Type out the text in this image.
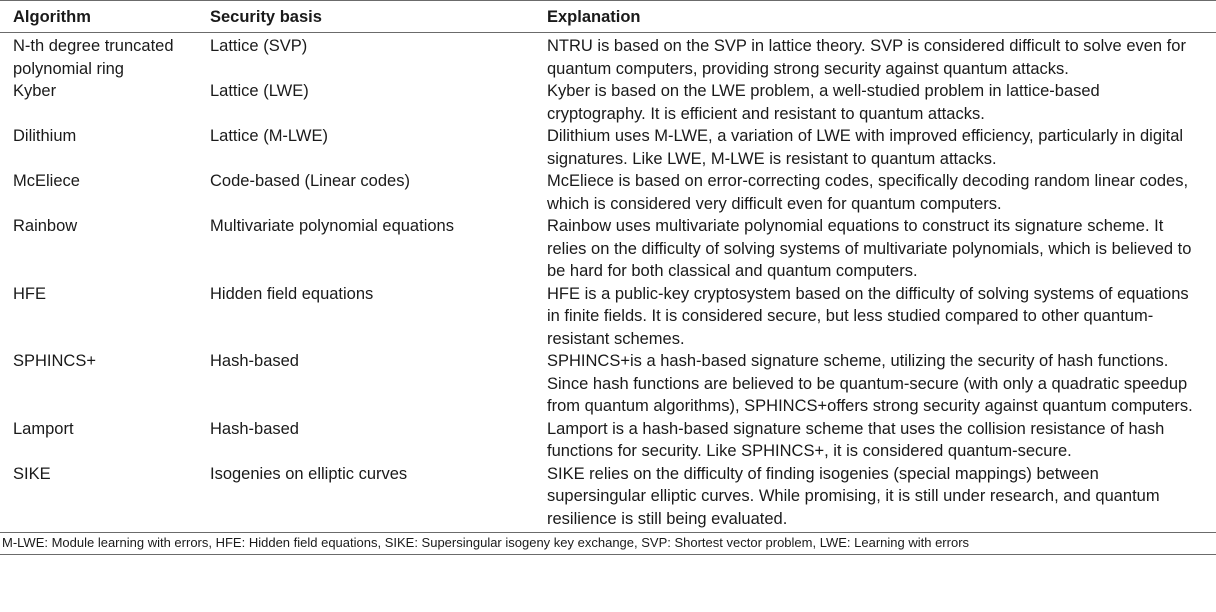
Algorithm	Security basis	Explanation
N-th degree truncated polynomial ring	Lattice (SVP)	NTRU is based on the SVP in lattice theory. SVP is considered difficult to solve even for quantum computers, providing strong security against quantum attacks.
Kyber	Lattice (LWE)	Kyber is based on the LWE problem, a well-studied problem in lattice-based cryptography. It is efficient and resistant to quantum attacks.
Dilithium	Lattice (M-LWE)	Dilithium uses M-LWE, a variation of LWE with improved efficiency, particularly in digital signatures. Like LWE, M-LWE is resistant to quantum attacks.
McEliece	Code-based (Linear codes)	McEliece is based on error-correcting codes, specifically decoding random linear codes, which is considered very difficult even for quantum computers.
Rainbow	Multivariate polynomial equations	Rainbow uses multivariate polynomial equations to construct its signature scheme. It relies on the difficulty of solving systems of multivariate polynomials, which is believed to be hard for both classical and quantum computers.
HFE	Hidden field equations	HFE is a public-key cryptosystem based on the difficulty of solving systems of equations in finite fields. It is considered secure, but less studied compared to other quantum-resistant schemes.
SPHINCS+	Hash-based	SPHINCS+is a hash-based signature scheme, utilizing the security of hash functions. Since hash functions are believed to be quantum-secure (with only a quadratic speedup from quantum algorithms), SPHINCS+offers strong security against quantum computers.
Lamport	Hash-based	Lamport is a hash-based signature scheme that uses the collision resistance of hash functions for security. Like SPHINCS+, it is considered quantum-secure.
SIKE	Isogenies on elliptic curves	SIKE relies on the difficulty of finding isogenies (special mappings) between supersingular elliptic curves. While promising, it is still under research, and quantum resilience is still being evaluated.
M-LWE: Module learning with errors, HFE: Hidden field equations, SIKE: Supersingular isogeny key exchange, SVP: Shortest vector problem, LWE: Learning with errors
